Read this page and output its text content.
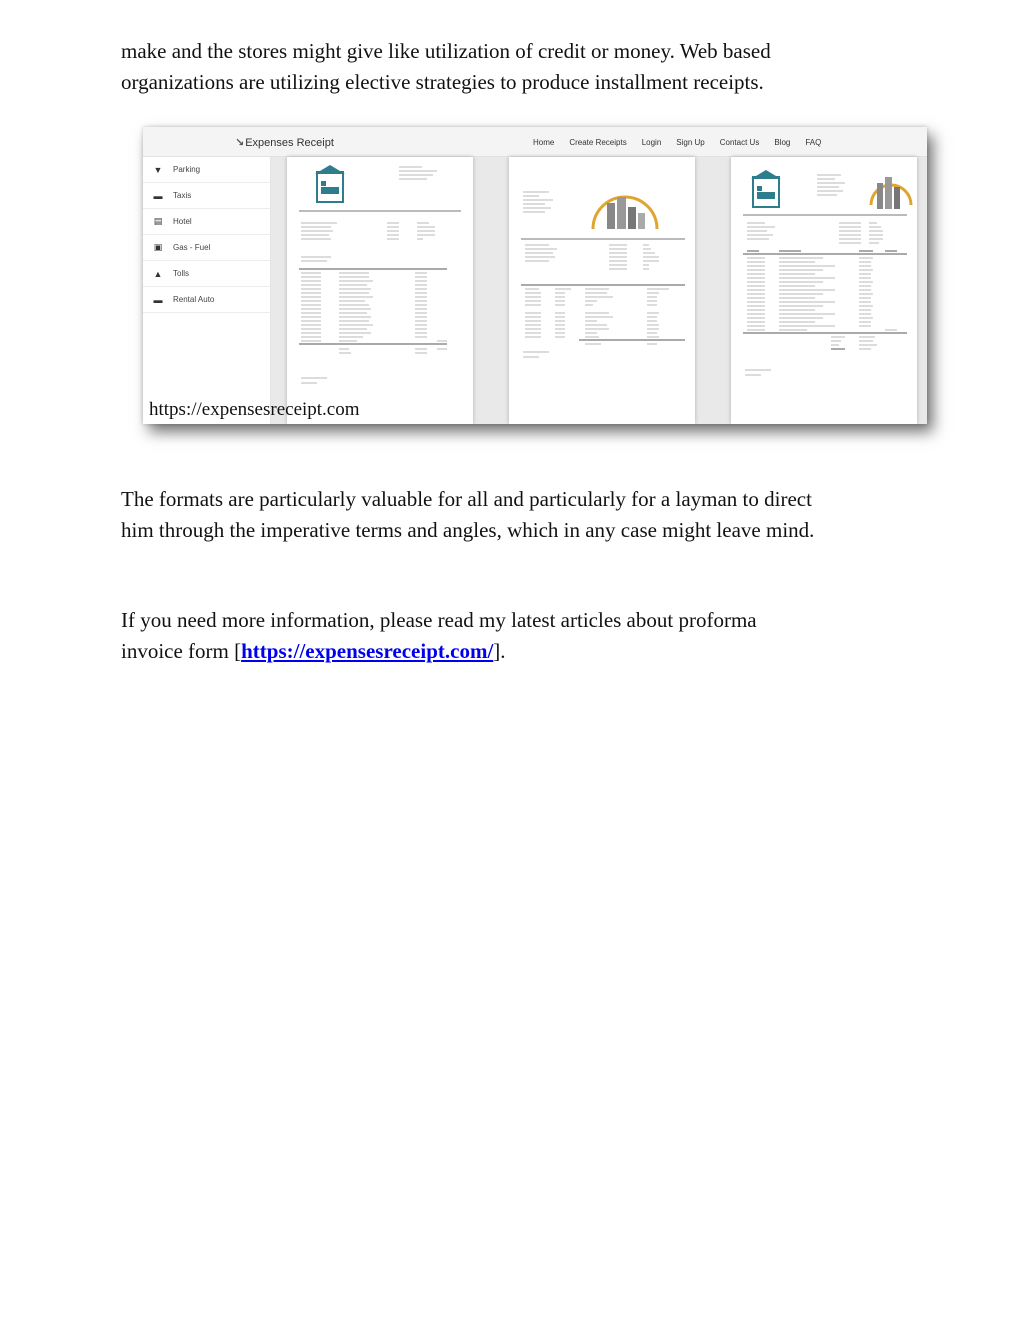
make and the stores might give like utilization of credit or money. Web based
organizations are utilizing elective strategies to produce installment receipts.
↘Expenses Receipt	Home Create Receipts Login Sign Up Contact Us Blog FAQ
▼	Parking
▬	Taxis
▤	Hotel
▣	Gas - Fuel
▲	Tolls
▬	Rental Auto
https://expensesreceipt.com
The formats are particularly valuable for all and particularly for a layman to direct
him through the imperative terms and angles, which in any case might leave mind.
If you need more information, please read my latest articles about proforma
invoice form [https://expensesreceipt.com/].
